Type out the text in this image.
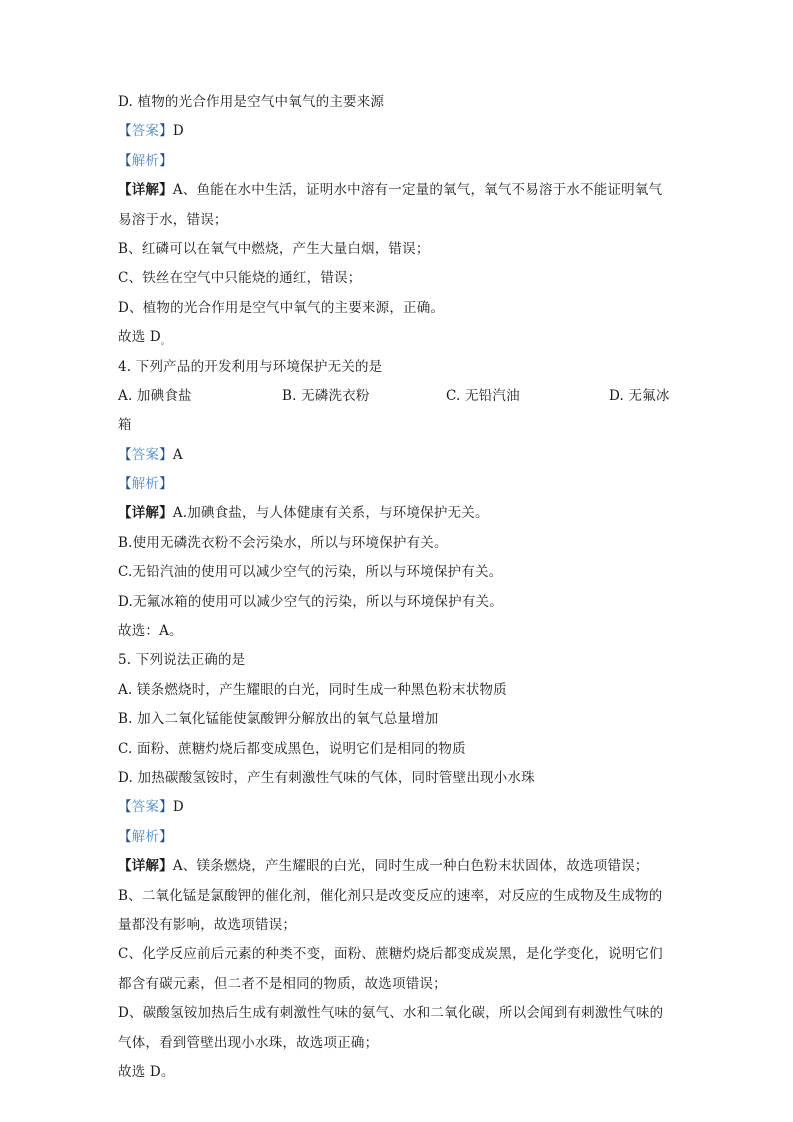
D. 植物的光合作用是空气中氧气的主要来源
【答案】D
【解析】
【详解】A、鱼能在水中生活，证明水中溶有一定量的氧气，氧气不易溶于水不能证明氧气
易溶于水，错误；
B、红磷可以在氧气中燃烧，产生大量白烟，错误；
C、铁丝在空气中只能烧的通红，错误；
D、植物的光合作用是空气中氧气的主要来源，正确。
故选 $D_。$
4. 下列产品的开发利用与环境保护无关的是
A. 加碘食盐	B. 无磷洗衣粉	C. 无铅汽油	D. 无氟冰
箱
【答案】A
【解析】
【详解】A.加碘食盐，与人体健康有关系，与环境保护无关。
B.使用无磷洗衣粉不会污染水，所以与环境保护有关。
C.无铅汽油的使用可以减少空气的污染，所以与环境保护有关。
D.无氟冰箱的使用可以减少空气的污染，所以与环境保护有关。
故选：A。
5. 下列说法正确的是
A. 镁条燃烧时，产生耀眼的白光，同时生成一种黑色粉末状物质
B. 加入二氧化锰能使氯酸钾分解放出的氧气总量增加
C. 面粉、蔗糖灼烧后都变成黑色，说明它们是相同的物质
D. 加热碳酸氢铵时，产生有刺激性气味的气体，同时管壁出现小水珠
【答案】D
【解析】
【详解】A、镁条燃烧，产生耀眼的白光，同时生成一种白色粉末状固体，故选项错误；
B、二氧化锰是氯酸钾的催化剂，催化剂只是改变反应的速率，对反应的生成物及生成物的
量都没有影响，故选项错误；
C、化学反应前后元素的种类不变，面粉、蔗糖灼烧后都变成炭黑，是化学变化，说明它们
都含有碳元素，但二者不是相同的物质，故选项错误；
D、碳酸氢铵加热后生成有刺激性气味的氨气、水和二氧化碳，所以会闻到有刺激性气味的
气体，看到管壁出现小水珠，故选项正确；
故选 D。
